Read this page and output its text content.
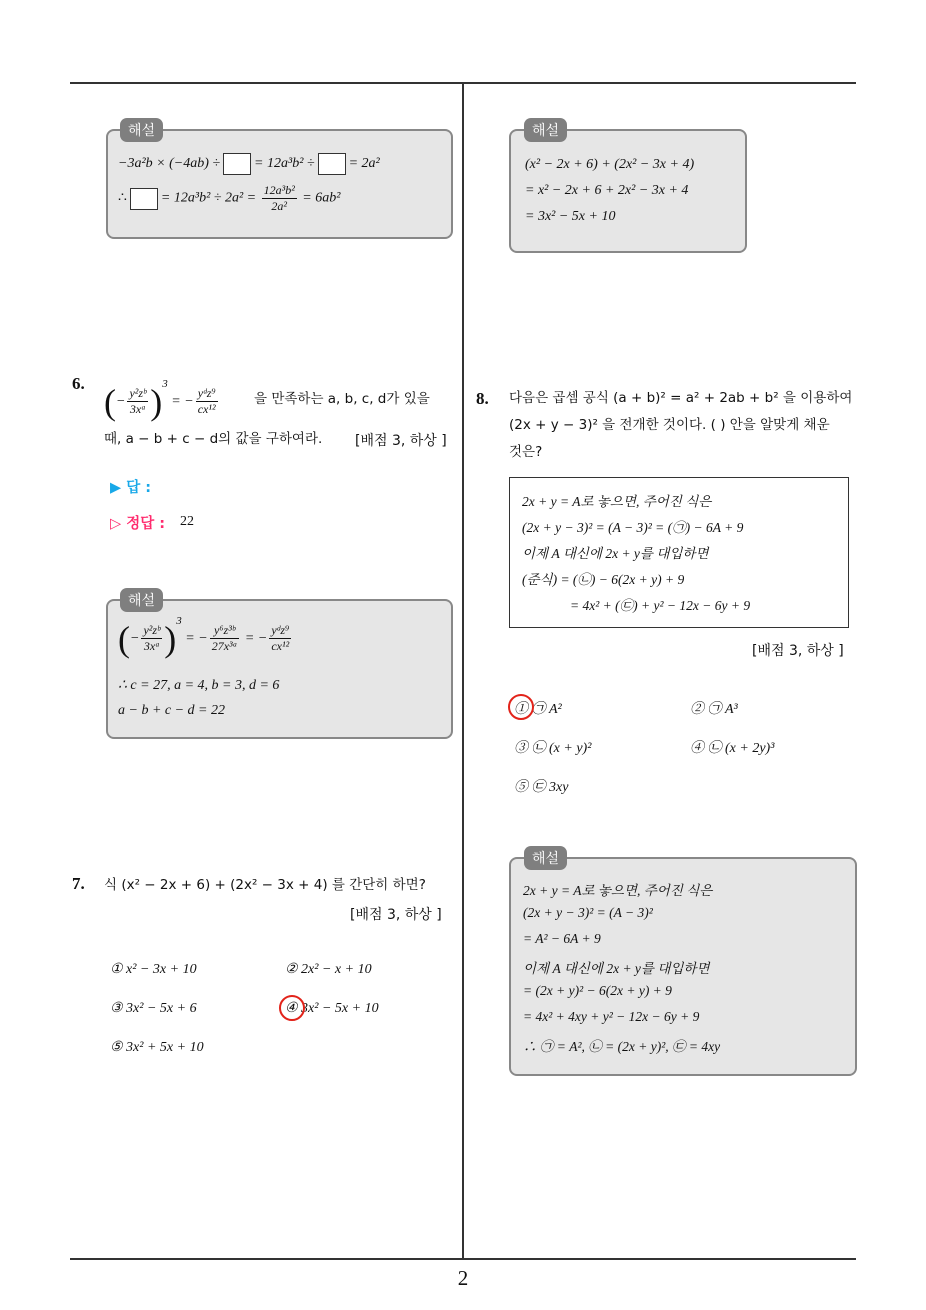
−3a²b × (−4ab) ÷ = 12a³b² ÷ = 2a²
∴ = $12a^3b^2 \div 2a^2 = \frac{\text{12a³b²}}{\text{2a²}} = 6ab^2$
해설
(x² − 2x + 6) + (2x² − 3x + 4)
= x² − 2x + 6 + 2x² − 3x + 4
= 3x² − 5x + 10
해설
6. (− $\frac{\text{y²zᵇ}}{\text{3xᵃ}} )^3$ = − $\frac{\text{yᵈz⁹}}{\text{cx¹²}}$	을 만족하는 a, b, c, d가 있을
때, a − b + c − d의 값을 구하여라. [배점 3, 하상 ]
▶ 답 :
▷ 정답 : 22
(− $\frac{\text{y²zᵇ}}{\text{3xᵃ}} )^3$ = − $\frac{\text{y⁶z³ᵇ}}{\text{27x³ᵃ}}$ = − $\frac{\text{yᵈz⁹}}{\text{cx¹²}}$
∴ c = 27, a = 4, b = 3, d = 6
a − b + c − d = 22
해설
7. 식 (x² − 2x + 6) + (2x² − 3x + 4) 를 간단히 하면?
[배점 3, 하상 ]
① x² − 3x + 10	② 2x² − x + 10
③ 3x² − 5x + 6	④ 3x² − 5x + 10
⑤ 3x² + 5x + 10
8. 다음은 곱셈 공식 (a + b)² = a² + 2ab + b² 을 이용하여
(2x + y − 3)² 을 전개한 것이다. ( ) 안을 알맞게 채운
것은?
2x + y = A로 놓으면, 주어진 식은
(2x + y − 3)² = (A − 3)² = (㉠) − 6A + 9
이제 A 대신에 2x + y를 대입하면
(준식) = (㉡) − 6(2x + y) + 9
= 4x² + (㉢) + y² − 12x − 6y + 9
[배점 3, 하상 ]
① ㉠ A²	② ㉠ A³
③ ㉡ (x + y)²	④ ㉡ (x + 2y)³
⑤ ㉢ 3xy
2x + y = A로 놓으면, 주어진 식은
(2x + y − 3)² = (A − 3)²
= A² − 6A + 9
이제 A 대신에 2x + y를 대입하면
= (2x + y)² − 6(2x + y) + 9
= 4x² + 4xy + y² − 12x − 6y + 9
∴ ㉠ = A², ㉡ = (2x + y)², ㉢ = 4xy
해설
2
